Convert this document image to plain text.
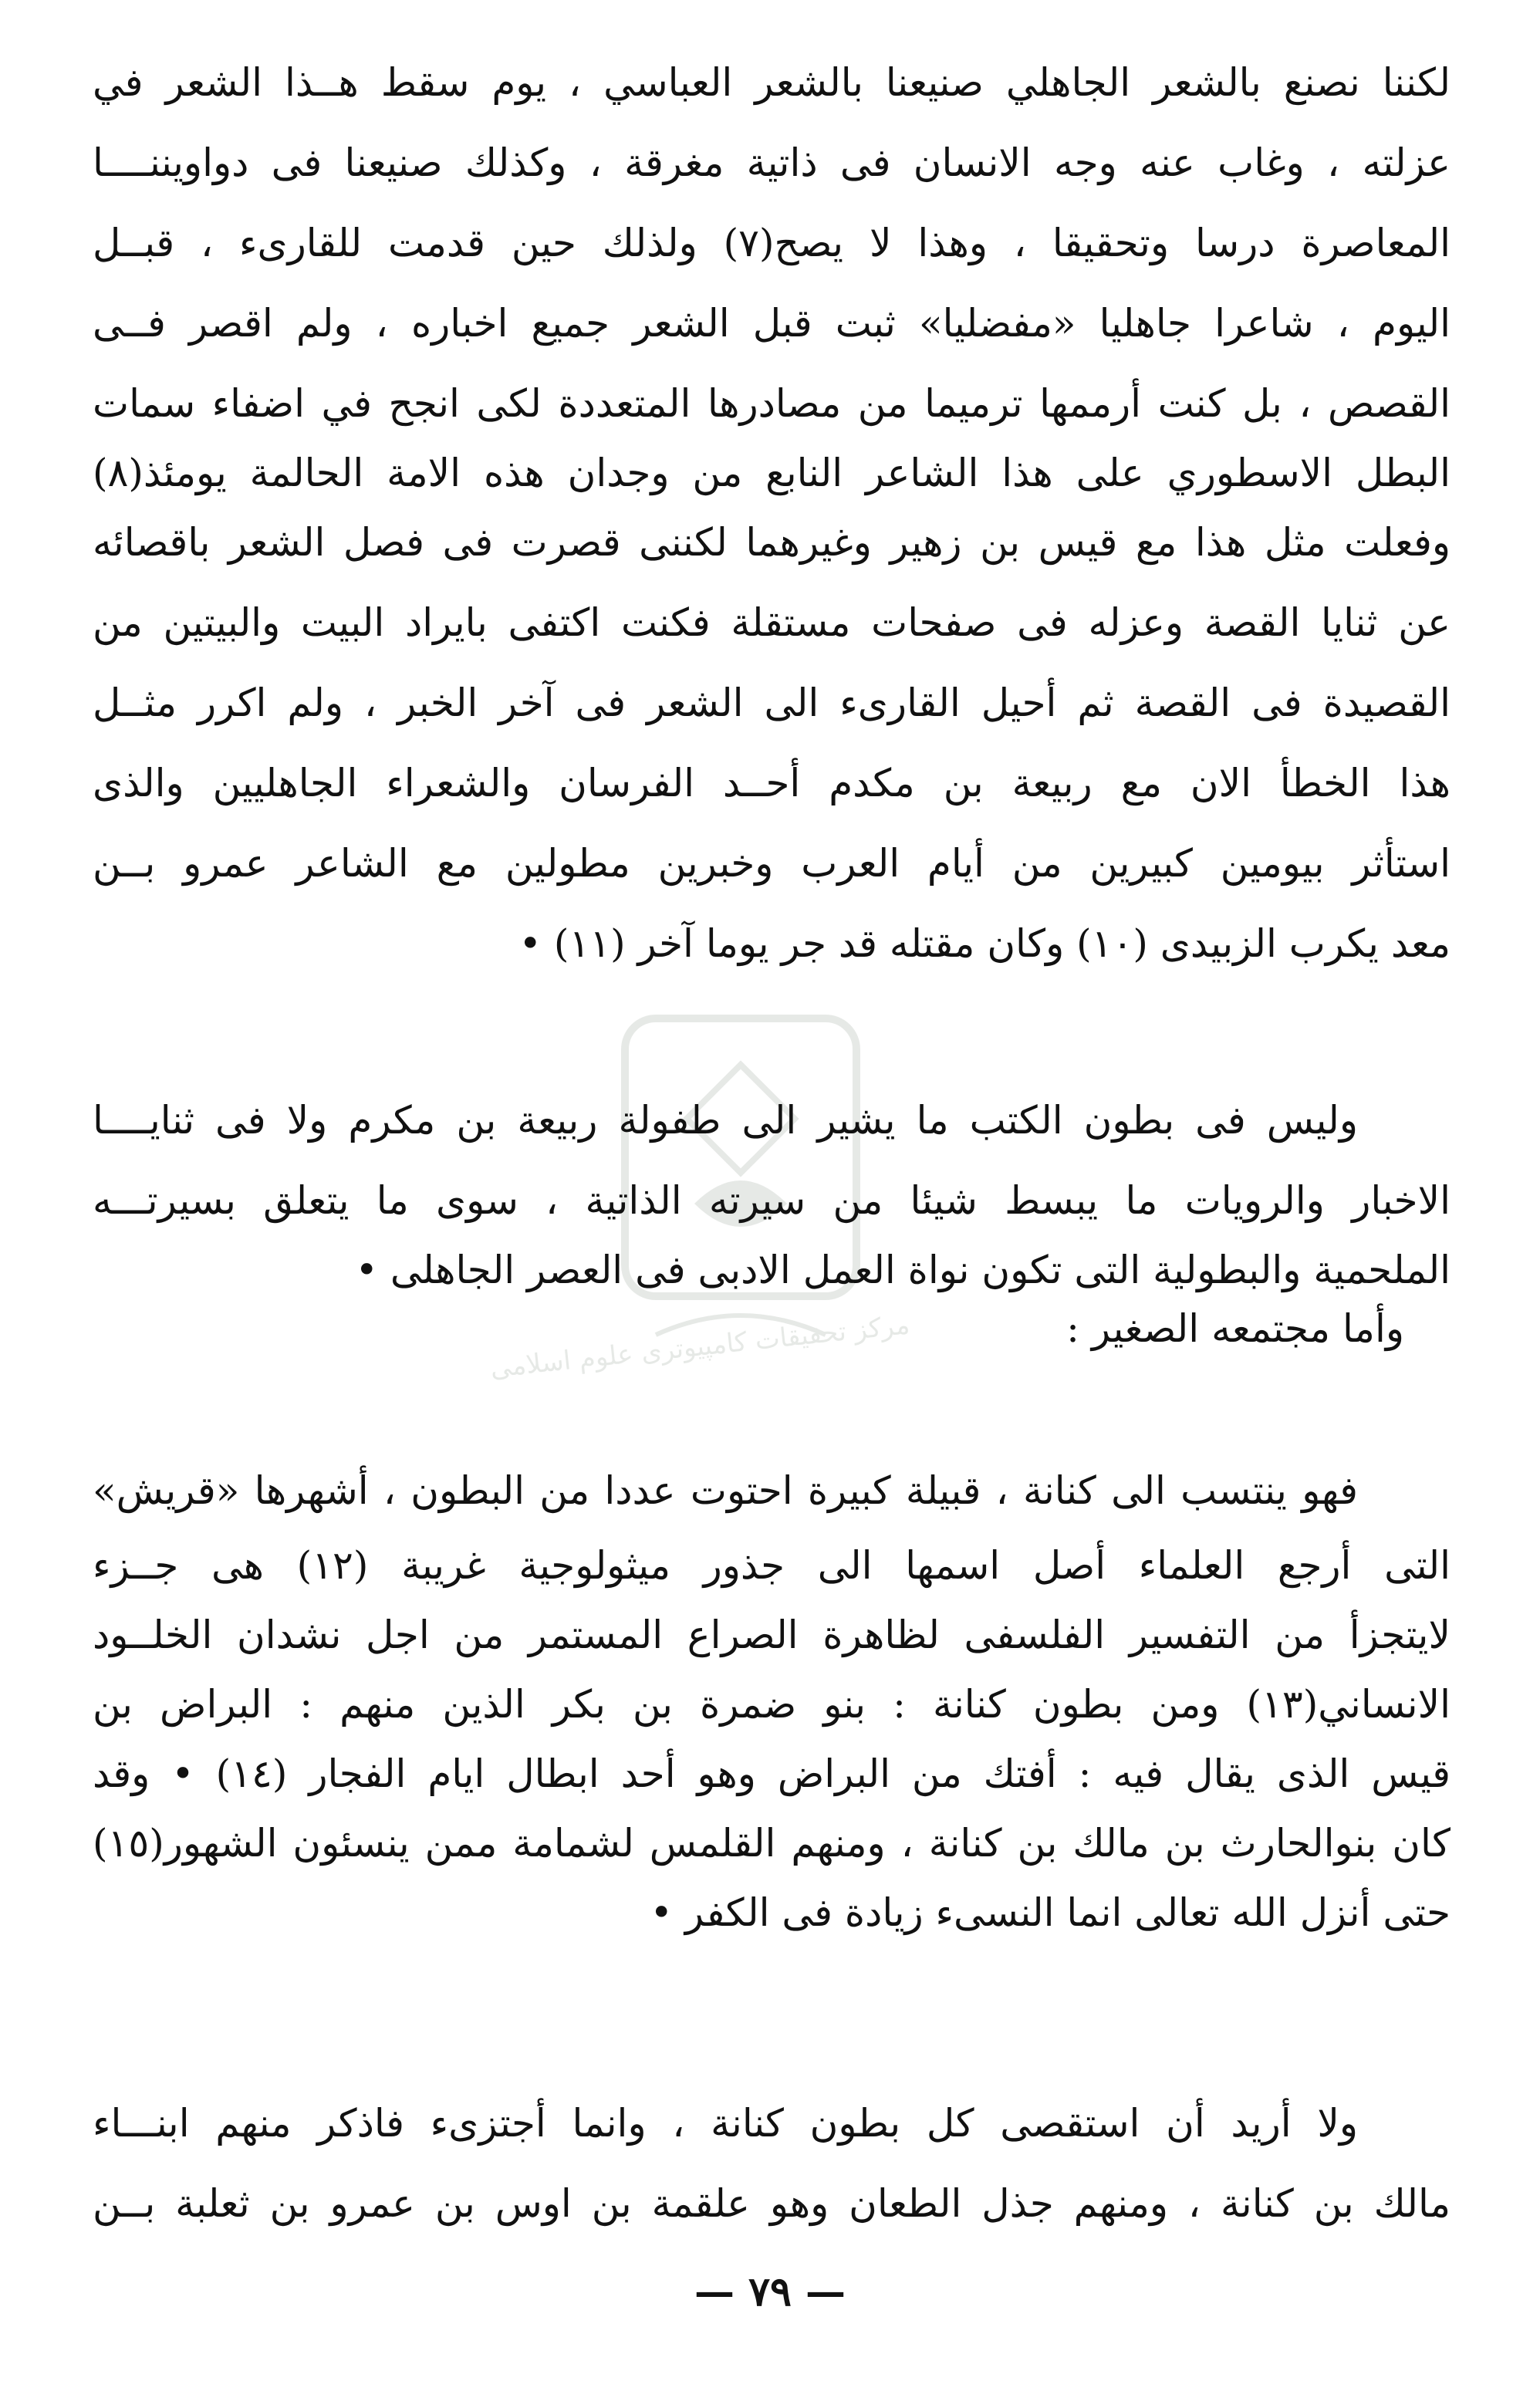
مرکز تحقیقات کامپیوتری علوم اسلامی
لكننا نصنع بالشعر الجاهلي صنيعنا بالشعر العباسي ، يوم سقط هــذا الشعر في
عزلته ، وغاب عنه وجه الانسان فى ذاتية مغرقة ، وكذلك صنيعنا فى دواويننــــا
المعاصرة درسا وتحقيقا ، وهذا لا يصح(٧) ولذلك حين قدمت للقارىء ، قبــل
اليوم ، شاعرا جاهليا «مفضليا» ثبت قبل الشعر جميع اخباره ، ولم اقصر فــى
القصص ، بل كنت أرممها ترميما من مصادرها المتعددة لكى انجح في اضفاء سمات
البطل الاسطوري على هذا الشاعر النابع من وجدان هذه الامة الحالمة يومئذ(٨)
وفعلت مثل هذا مع قيس بن زهير وغيرهما لكننى قصرت فى فصل الشعر باقصائه
عن ثنايا القصة وعزله فى صفحات مستقلة فكنت اكتفى بايراد البيت والبيتين من
القصيدة فى القصة ثم أحيل القارىء الى الشعر فى آخر الخبر ، ولم اكرر مثــل
هذا الخطأ الان مع ربيعة بن مكدم أحــد الفرسان والشعراء الجاهليين والذى
استأثر بيومين كبيرين من أيام العرب وخبرين مطولين مع الشاعر عمرو بــن
معد يكرب الزبيدى (١٠) وكان مقتله قد جر يوما آخر (١١) •
وليس فى بطون الكتب ما يشير الى طفولة ربيعة بن مكرم ولا فى ثنايــــا
الاخبار والرويات ما يبسط شيئا من سيرته الذاتية ، سوى ما يتعلق بسيرتـــه
الملحمية والبطولية التى تكون نواة العمل الادبى فى العصر الجاهلى •
وأما مجتمعه الصغير :
فهو ينتسب الى كنانة ، قبيلة كبيرة احتوت عددا من البطون ، أشهرها «قريش»
التى أرجع العلماء أصل اسمها الى جذور ميثولوجية غريبة (١٢) هى جــزء
لايتجزأ من التفسير الفلسفى لظاهرة الصراع المستمر من اجل نشدان الخلــود
الانساني(١٣) ومن بطون كنانة : بنو ضمرة بن بكر الذين منهم : البراض بن
قيس الذى يقال فيه : أفتك من البراض وهو أحد ابطال ايام الفجار (١٤) • وقد
كان بنوالحارث بن مالك بن كنانة ، ومنهم القلمس لشمامة ممن ينسئون الشهور(١٥)
حتى أنزل الله تعالى انما النسىء زيادة فى الكفر •
ولا أريد أن استقصى كل بطون كنانة ، وانما أجتزىء فاذكر منهم ابنـــاء
مالك بن كنانة ، ومنهم جذل الطعان وهو علقمة بن اوس بن عمرو بن ثعلبة بــن
— ٧٩ —
